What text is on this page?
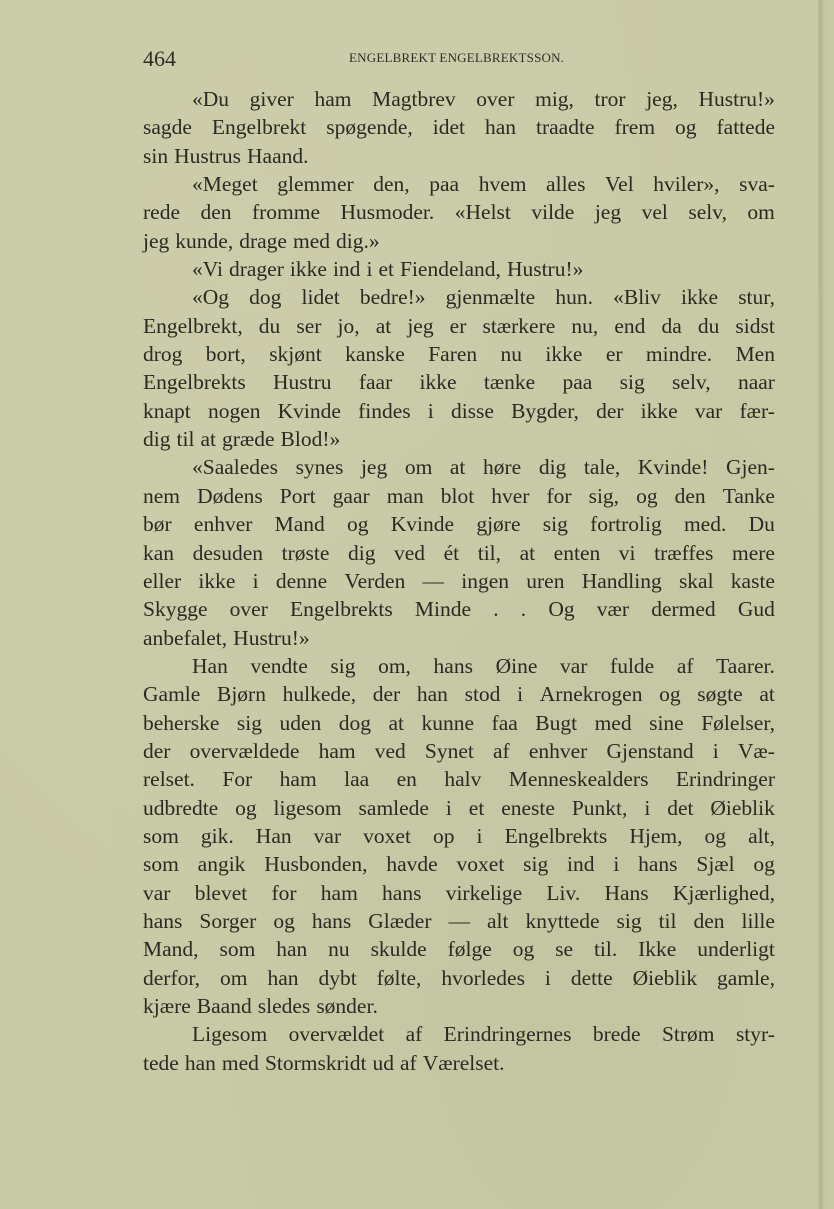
464	ENGELBREKT ENGELBREKTSSON.
«Du giver ham Magtbrev over mig, tror jeg, Hustru!»
sagde Engelbrekt spøgende, idet han traadte frem og fattede
sin Hustrus Haand.
«Meget glemmer den, paa hvem alles Vel hviler», sva-
rede den fromme Husmoder. «Helst vilde jeg vel selv, om
jeg kunde, drage med dig.»
«Vi drager ikke ind i et Fiendeland, Hustru!»
«Og dog lidet bedre!» gjenmælte hun. «Bliv ikke stur,
Engelbrekt, du ser jo, at jeg er stærkere nu, end da du sidst
drog bort, skjønt kanske Faren nu ikke er mindre. Men
Engelbrekts Hustru faar ikke tænke paa sig selv, naar
knapt nogen Kvinde findes i disse Bygder, der ikke var fær-
dig til at græde Blod!»
«Saaledes synes jeg om at høre dig tale, Kvinde! Gjen-
nem Dødens Port gaar man blot hver for sig, og den Tanke
bør enhver Mand og Kvinde gjøre sig fortrolig med. Du
kan desuden trøste dig ved ét til, at enten vi træffes mere
eller ikke i denne Verden — ingen uren Handling skal kaste
Skygge over Engelbrekts Minde . . Og vær dermed Gud
anbefalet, Hustru!»
Han vendte sig om, hans Øine var fulde af Taarer.
Gamle Bjørn hulkede, der han stod i Arnekrogen og søgte at
beherske sig uden dog at kunne faa Bugt med sine Følelser,
der overvældede ham ved Synet af enhver Gjenstand i Væ-
relset. For ham laa en halv Menneskealders Erindringer
udbredte og ligesom samlede i et eneste Punkt, i det Øieblik
som gik. Han var voxet op i Engelbrekts Hjem, og alt,
som angik Husbonden, havde voxet sig ind i hans Sjæl og
var blevet for ham hans virkelige Liv. Hans Kjærlighed,
hans Sorger og hans Glæder — alt knyttede sig til den lille
Mand, som han nu skulde følge og se til. Ikke underligt
derfor, om han dybt følte, hvorledes i dette Øieblik gamle,
kjære Baand sledes sønder.
Ligesom overvældet af Erindringernes brede Strøm styr-
tede han med Stormskridt ud af Værelset.
